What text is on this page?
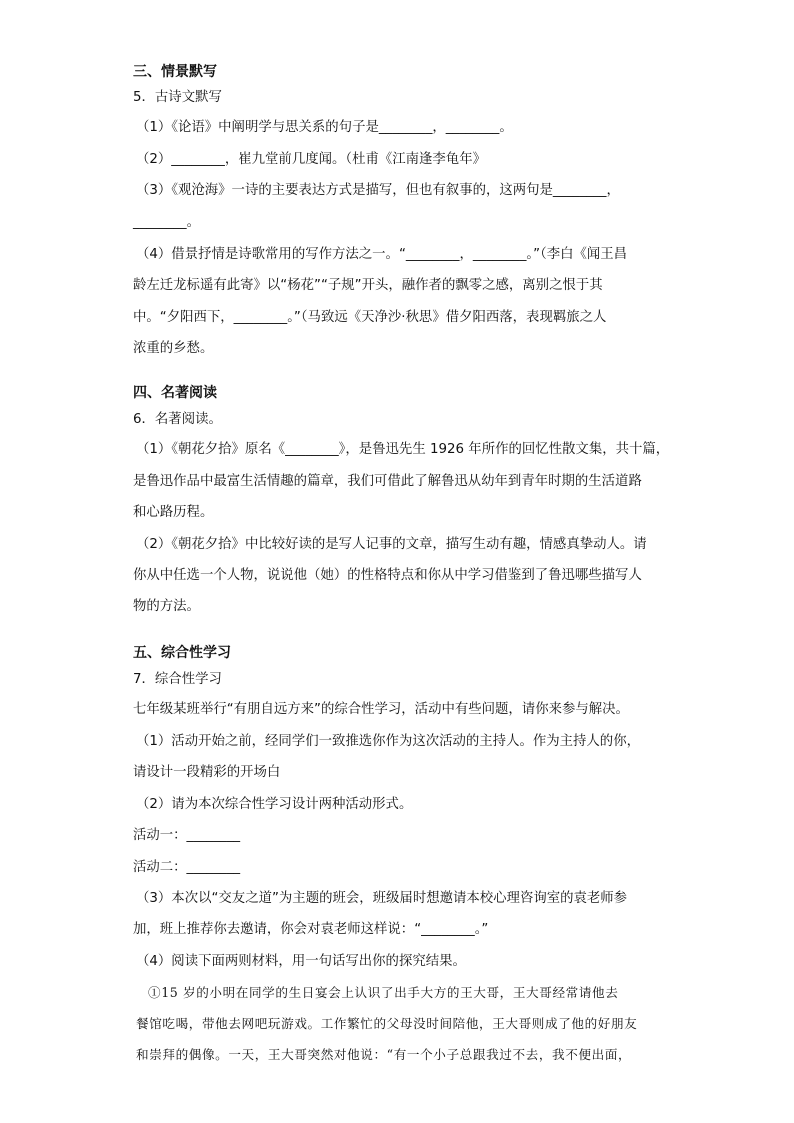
三、情景默写
5．古诗文默写
（1）《论语》中阐明学与思关系的句子是________，________。
（2）________，崔九堂前几度闻。（杜甫《江南逢李龟年》
（3）《观沧海》一诗的主要表达方式是描写，但也有叙事的，这两句是________，
________。
（4）借景抒情是诗歌常用的写作方法之一。“________，________。”（李白《闻王昌
龄左迁龙标遥有此寄》以“杨花”“子规”开头，融作者的飘零之感，离别之恨于其
中。“夕阳西下，________。”（马致远《天净沙·秋思》借夕阳西落，表现羁旅之人
浓重的乡愁。
四、名著阅读
6．名著阅读。
（1）《朝花夕拾》原名《________》，是鲁迅先生 1926 年所作的回忆性散文集，共十篇，
是鲁迅作品中最富生活情趣的篇章，我们可借此了解鲁迅从幼年到青年时期的生活道路
和心路历程。
（2）《朝花夕拾》中比较好读的是写人记事的文章，描写生动有趣，情感真挚动人。请
你从中任选一个人物，说说他（她）的性格特点和你从中学习借鉴到了鲁迅哪些描写人
物的方法。
五、综合性学习
7．综合性学习
七年级某班举行“有朋自远方来”的综合性学习，活动中有些问题，请你来参与解决。
（1）活动开始之前，经同学们一致推选你作为这次活动的主持人。作为主持人的你，
请设计一段精彩的开场白
（2）请为本次综合性学习设计两种活动形式。
活动一：________
活动二：________
（3）本次以“交友之道”为主题的班会，班级届时想邀请本校心理咨询室的袁老师参
加，班上推荐你去邀请，你会对袁老师这样说：“________。”
（4）阅读下面两则材料，用一句话写出你的探究结果。
①15 岁的小明在同学的生日宴会上认识了出手大方的王大哥，王大哥经常请他去
餐馆吃喝，带他去网吧玩游戏。工作繁忙的父母没时间陪他，王大哥则成了他的好朋友
和崇拜的偶像。一天，王大哥突然对他说：“有一个小子总跟我过不去，我不便出面，
